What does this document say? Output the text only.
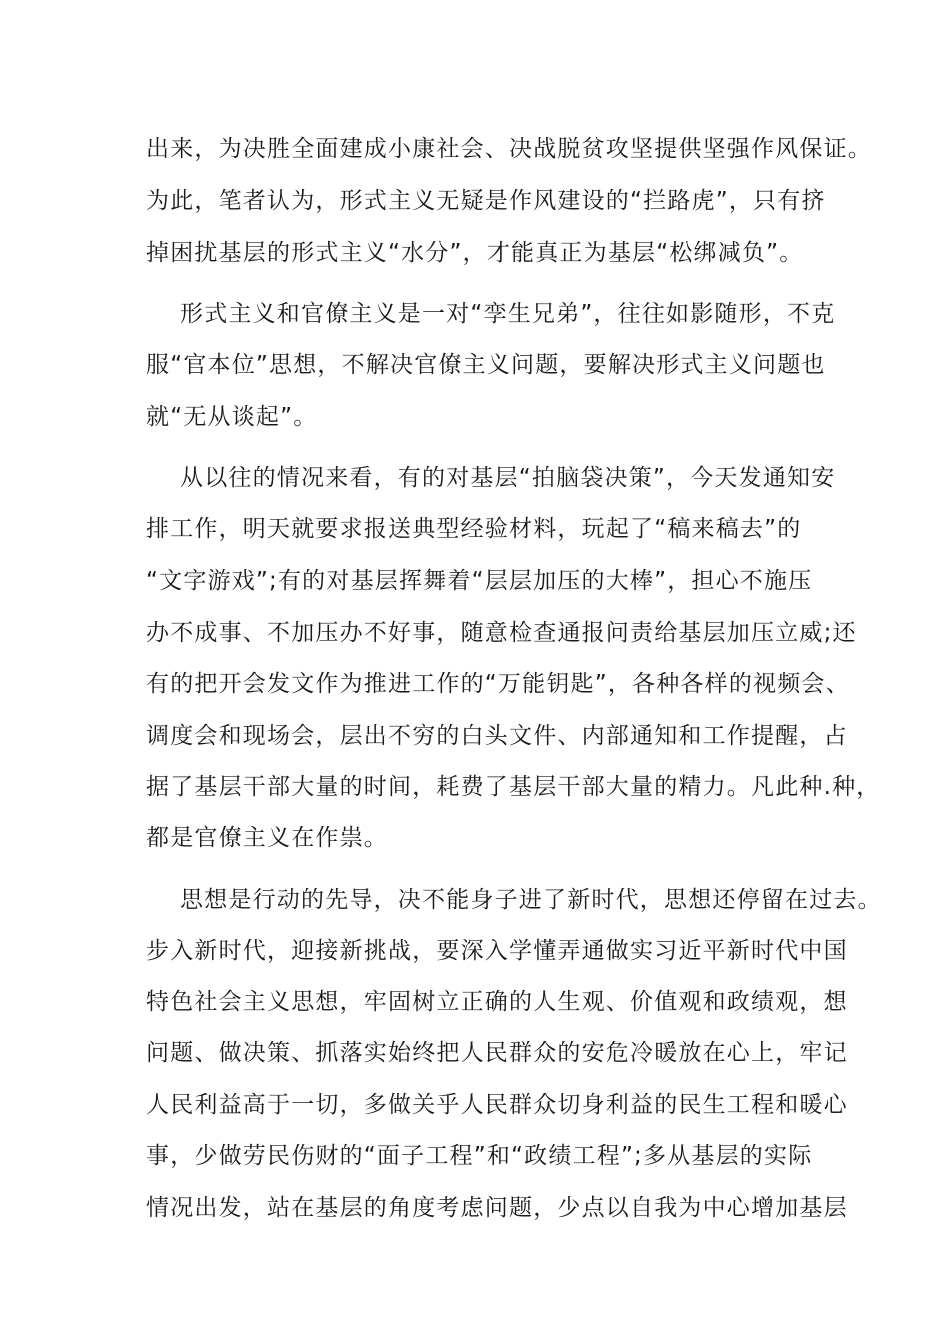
出来，为决胜全面建成小康社会、决战脱贫攻坚提供坚强作风保证。
为此，笔者认为，形式主义无疑是作风建设的“拦路虎”，只有挤
掉困扰基层的形式主义“水分”，才能真正为基层“松绑减负”。
形式主义和官僚主义是一对“孪生兄弟”，往往如影随形，不克
服“官本位”思想，不解决官僚主义问题，要解决形式主义问题也
就“无从谈起”。
从以往的情况来看，有的对基层“拍脑袋决策”，今天发通知安
排工作，明天就要求报送典型经验材料，玩起了“稿来稿去”的
“文字游戏”;有的对基层挥舞着“层层加压的大棒”，担心不施压
办不成事、不加压办不好事，随意检查通报问责给基层加压立威;还
有的把开会发文作为推进工作的“万能钥匙”，各种各样的视频会、
调度会和现场会，层出不穷的白头文件、内部通知和工作提醒，占
据了基层干部大量的时间，耗费了基层干部大量的精力。凡此种.种，
都是官僚主义在作祟。
思想是行动的先导，决不能身子进了新时代，思想还停留在过去。
步入新时代，迎接新挑战，要深入学懂弄通做实习近平新时代中国
特色社会主义思想，牢固树立正确的人生观、价值观和政绩观，想
问题、做决策、抓落实始终把人民群众的安危冷暖放在心上，牢记
人民利益高于一切，多做关乎人民群众切身利益的民生工程和暖心
事，少做劳民伤财的“面子工程”和“政绩工程”;多从基层的实际
情况出发，站在基层的角度考虑问题，少点以自我为中心增加基层
